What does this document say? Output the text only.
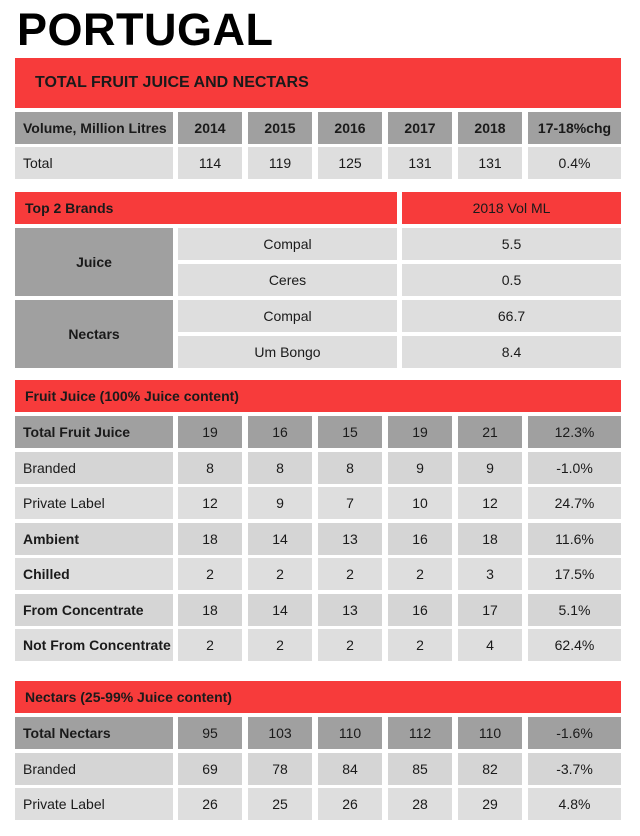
PORTUGAL
TOTAL FRUIT JUICE AND NECTARS
Volume, Million Litres	2014	2015	2016	2017	2018	17-18%chg
Total	114	119	125	131	131	0.4%
Top 2 Brands	2018 Vol ML
Juice
Compal	5.5
Ceres	0.5
Nectars
Compal	66.7
Um Bongo	8.4
Fruit Juice (100% Juice content)
Total Fruit Juice	19	16	15	19	21	12.3%
Branded	8	8	8	9	9	-1.0%
Private Label	12	9	7	10	12	24.7%
Ambient	18	14	13	16	18	11.6%
Chilled	2	2	2	2	3	17.5%
From Concentrate	18	14	13	16	17	5.1%
Not From Concentrate	2	2	2	2	4	62.4%
Nectars (25-99% Juice content)
Total Nectars	95	103	110	112	110	-1.6%
Branded	69	78	84	85	82	-3.7%
Private Label	26	25	26	28	29	4.8%
